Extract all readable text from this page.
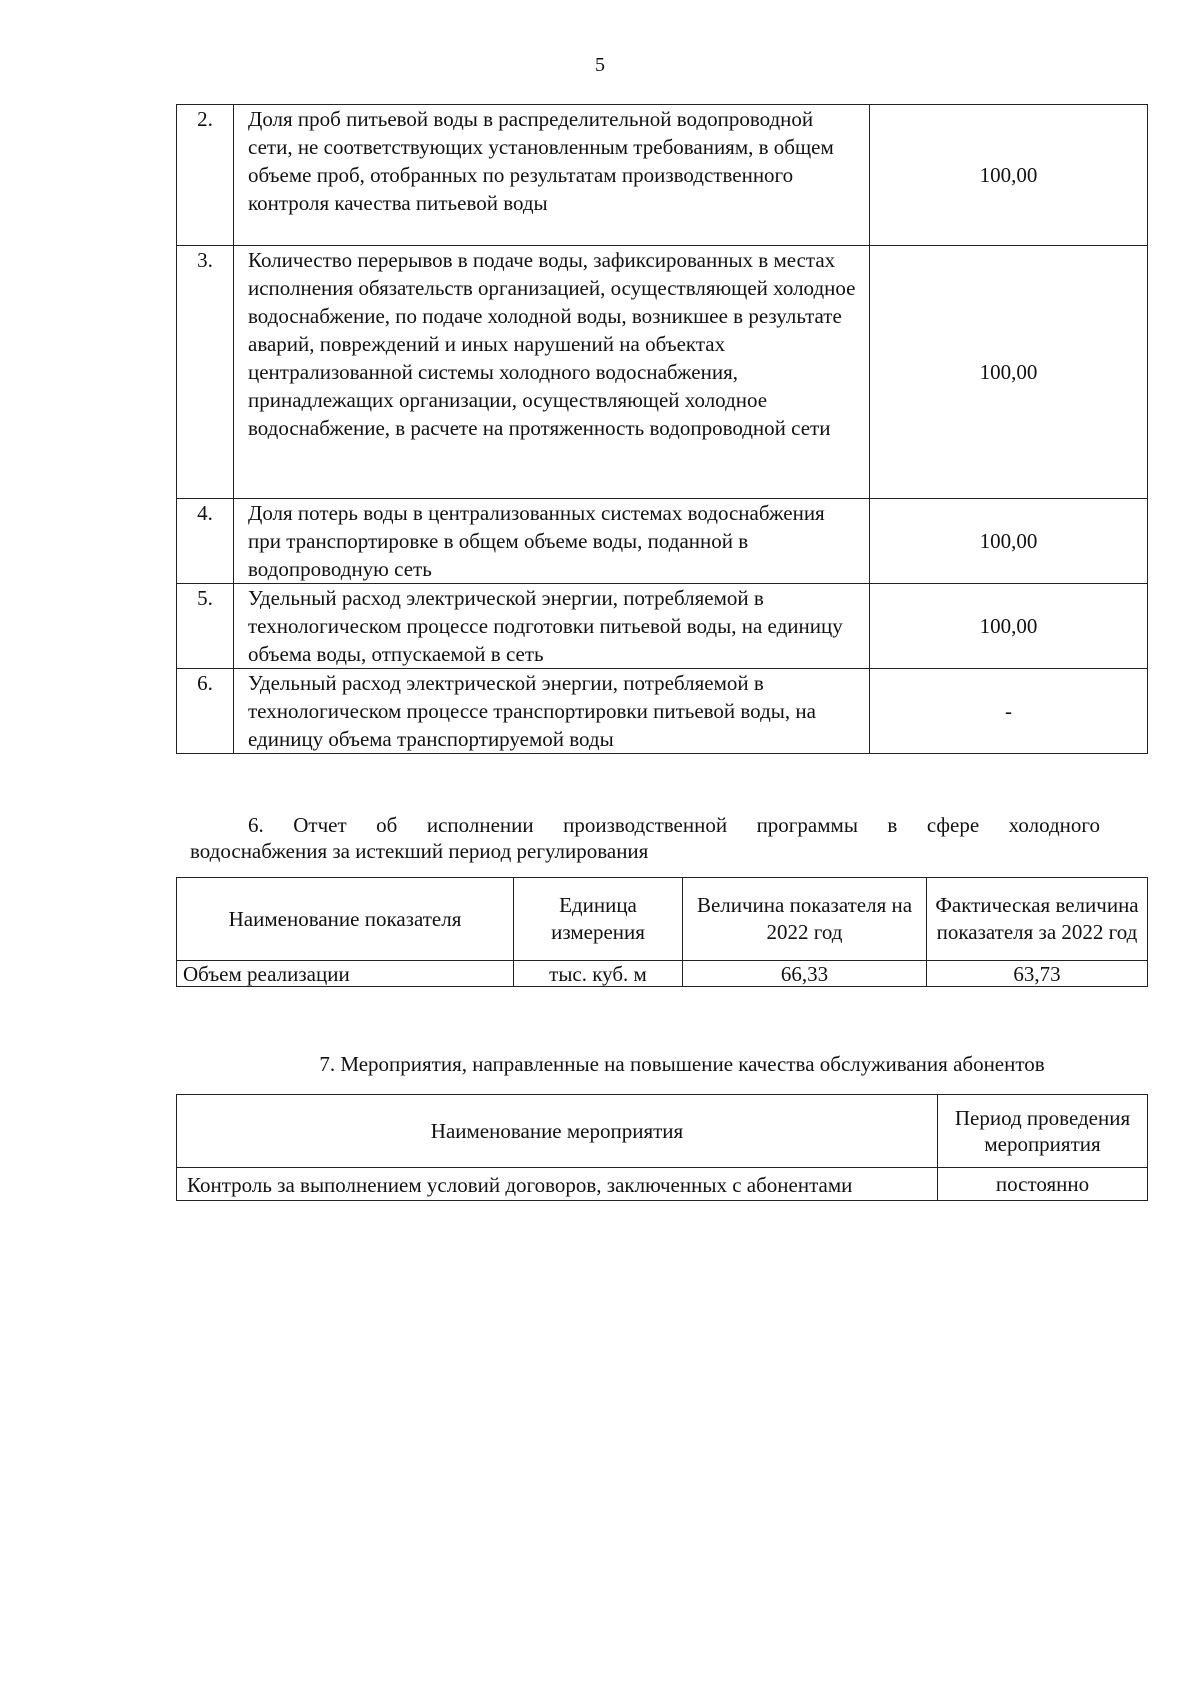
5
2.	Доля проб питьевой воды в распределительной водопроводной сети, не соответствующих установленным требованиям, в общем объеме проб, отобранных по результатам производственного контроля качества питьевой воды	100,00
3.	Количество перерывов в подаче воды, зафиксированных в местах исполнения обязательств организацией, осуществляющей холодное водоснабжение, по подаче холодной воды, возникшее в результате аварий, повреждений и иных нарушений на объектах централизованной системы холодного водоснабжения, принадлежащих организации, осуществляющей холодное водоснабжение, в расчете на протяженность водопроводной сети	100,00
4.	Доля потерь воды в централизованных системах водоснабжения при транспортировке в общем объеме воды, поданной в водопроводную сеть	100,00
5.	Удельный расход электрической энергии, потребляемой в технологическом процессе подготовки питьевой воды, на единицу объема воды, отпускаемой в сеть	100,00
6.	Удельный расход электрической энергии, потребляемой в технологическом процессе транспортировки питьевой воды, на единицу объема транспортируемой воды	-
6. Отчет об исполнении производственной программы в сфере холодного
водоснабжения за истекший период регулирования
Наименование показателя	Единица измерения	Величина показателя на 2022 год	Фактическая величина показателя за 2022 год
Объем реализации	тыс. куб. м	66,33	63,73
7. Мероприятия, направленные на повышение качества обслуживания абонентов
Наименование мероприятия	Период проведения мероприятия
Контроль за выполнением условий договоров, заключенных с абонентами	постоянно
